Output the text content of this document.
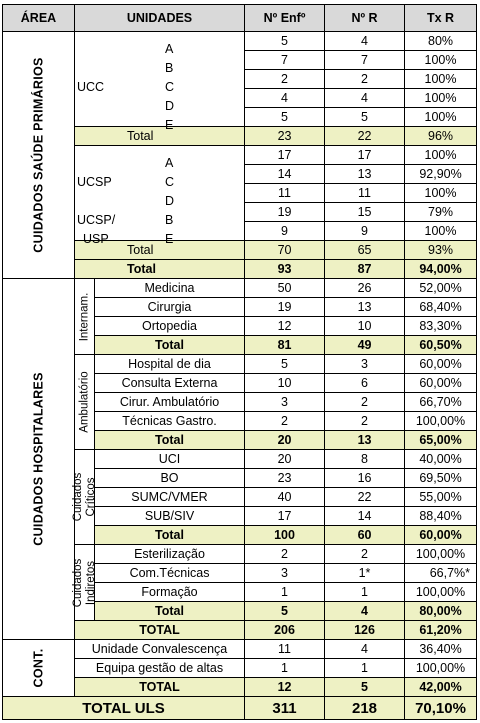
ÁREA	UNIDADES		Nº Enfº	Nº R	Tx R

CUIDADOS SAÚDE PRIMÁRIOS	A		5	4	80%

	B		7	7	100%

	UCC C		2	2	100%

	D		4	4	100%

	E		5	5	100%
	Total		23	22	96%

	A		17	17	100%

	UCSP C		14	13	92,90%

	D		11	11	100%

	UCSP/ B		19	15	79%

	USP E		9	9	100%
	Total		70	65	93%
	Total		93	87	94,00%

CUIDADOS HOSPITALARES	Internam.	Medicina	50	26	52,00%
		Cirurgia	19	13	68,40%
		Ortopedia	12	10	83,30%
		Total	81	49	60,50%

	Ambulatório	Hospital de dia	5	3	60,00%
		Consulta Externa	10	6	60,00%
		Cirur. Ambulatório	3	2	66,70%
		Técnicas Gastro.	2	2	100,00%
		Total	20	13	65,00%

	Cuidados
Críticos	UCI	20	8	40,00%
		BO	23	16	69,50%
		SUMC/VMER	40	22	55,00%
		SUB/SIV	17	14	88,40%
		Total	100	60	60,00%

	Cuidados
Indiretos	Esterilização	2	2	100,00%
		Com.Técnicas	3	1*	66,7%*
		Formação	1	1	100,00%
		Total	5	4	80,00%
	TOTAL		206	126	61,20%

CONT.	Unidade Convalescença		11	4	36,40%
	Equipa gestão de altas		1	1	100,00%
	TOTAL		12	5	42,00%
TOTAL ULS			311	218	70,10%
